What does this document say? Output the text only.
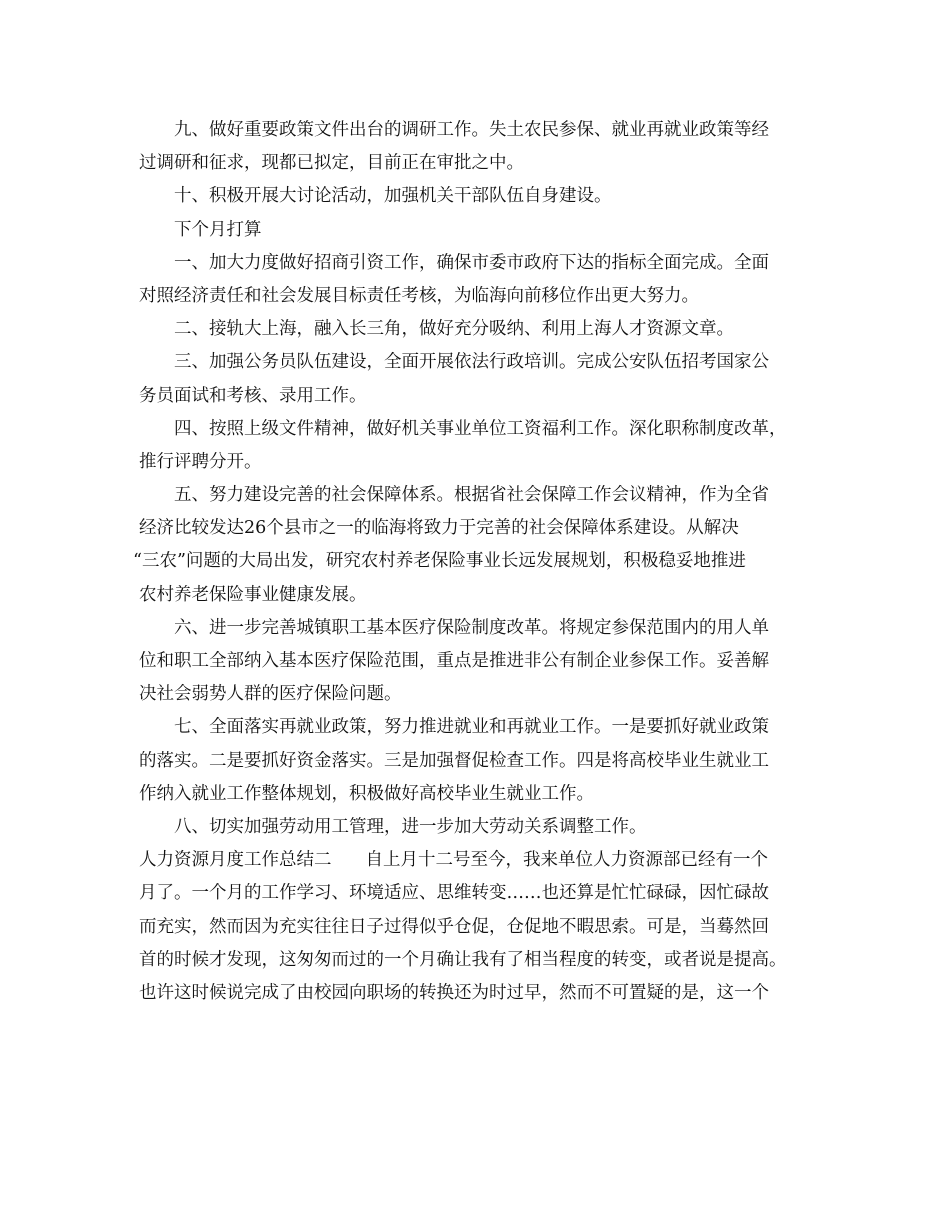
九、做好重要政策文件出台的调研工作。失土农民参保、就业再就业政策等经
过调研和征求，现都已拟定，目前正在审批之中。
十、积极开展大讨论活动，加强机关干部队伍自身建设。
下个月打算
一、加大力度做好招商引资工作，确保市委市政府下达的指标全面完成。全面
对照经济责任和社会发展目标责任考核，为临海向前移位作出更大努力。
二、接轨大上海，融入长三角，做好充分吸纳、利用上海人才资源文章。
三、加强公务员队伍建设，全面开展依法行政培训。完成公安队伍招考国家公
务员面试和考核、录用工作。
四、按照上级文件精神，做好机关事业单位工资福利工作。深化职称制度改革，
推行评聘分开。
五、努力建设完善的社会保障体系。根据省社会保障工作会议精神，作为全省
经济比较发达26个县市之一的临海将致力于完善的社会保障体系建设。从解决
“三农”问题的大局出发，研究农村养老保险事业长远发展规划，积极稳妥地推进
农村养老保险事业健康发展。
六、进一步完善城镇职工基本医疗保险制度改革。将规定参保范围内的用人单
位和职工全部纳入基本医疗保险范围，重点是推进非公有制企业参保工作。妥善解
决社会弱势人群的医疗保险问题。
七、全面落实再就业政策，努力推进就业和再就业工作。一是要抓好就业政策
的落实。二是要抓好资金落实。三是加强督促检查工作。四是将高校毕业生就业工
作纳入就业工作整体规划，积极做好高校毕业生就业工作。
八、切实加强劳动用工管理，进一步加大劳动关系调整工作。
人力资源月度工作总结二 自上月十二号至今，我来单位人力资源部已经有一个
月了。一个月的工作学习、环境适应、思维转变……也还算是忙忙碌碌，因忙碌故
而充实，然而因为充实往往日子过得似乎仓促，仓促地不暇思索。可是，当蓦然回
首的时候才发现，这匆匆而过的一个月确让我有了相当程度的转变，或者说是提高。
也许这时候说完成了由校园向职场的转换还为时过早，然而不可置疑的是，这一个
